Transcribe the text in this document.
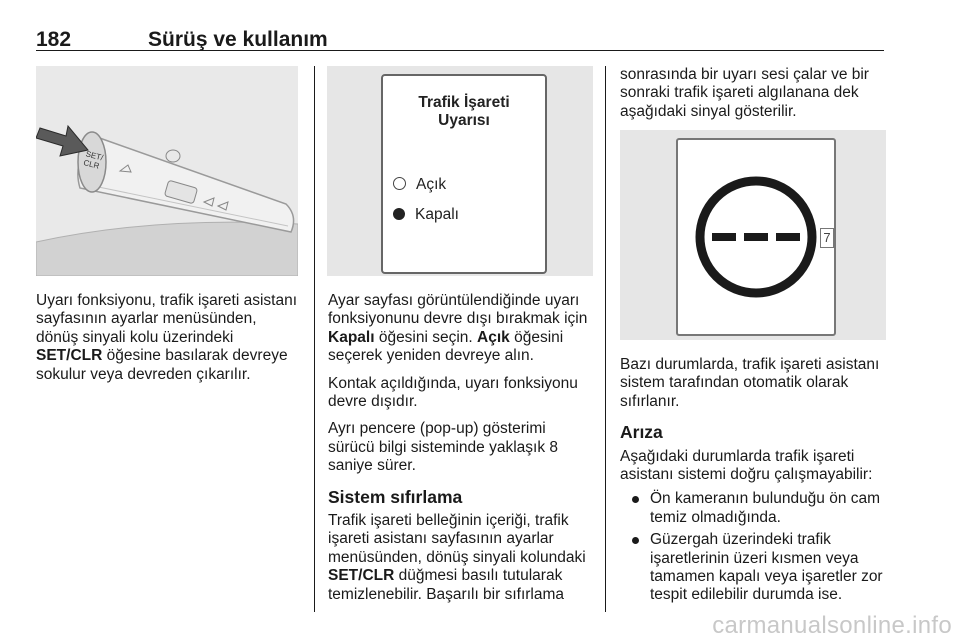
182	Sürüş ve kullanım
SET/
CLR

Uyarı fonksiyonu, trafik işareti asistanı sayfasının ayarlar menüsünden, dönüş sinyali kolu üzerindeki SET/CLR öğesine basılarak devreye sokulur veya devreden çıkarılır.

Trafik İşareti
Uyarısı
Açık
Kapalı

Ayar sayfası görüntülendiğinde uyarı fonksiyonunu devre dışı bırakmak için Kapalı öğesini seçin. Açık öğesini seçerek yeniden devreye alın.

Kontak açıldığında, uyarı fonksiyonu devre dışıdır.

Ayrı pencere (pop-up) gösterimi sürücü bilgi sisteminde yaklaşık 8 saniye sürer.

Sistem sıfırlama

Trafik işareti belleğinin içeriği, trafik işareti asistanı sayfasının ayarlar menüsünden, dönüş sinyali kolundaki SET/CLR düğmesi basılı tutularak temizlenebilir. Başarılı bir sıfırlama

sonrasında bir uyarı sesi çalar ve bir sonraki trafik işareti algılanana dek aşağıdaki sinyal gösterilir.

7

Bazı durumlarda, trafik işareti asistanı sistem tarafından otomatik olarak sıfırlanır.

Arıza

Aşağıdaki durumlarda trafik işareti asistanı sistemi doğru çalışmayabilir:

Ön kameranın bulunduğu ön cam temiz olmadığında.
Güzergah üzerindeki trafik işaretlerinin üzeri kısmen veya tamamen kapalı veya işaretler zor tespit edilebilir durumda ise.
carmanualsonline.info
